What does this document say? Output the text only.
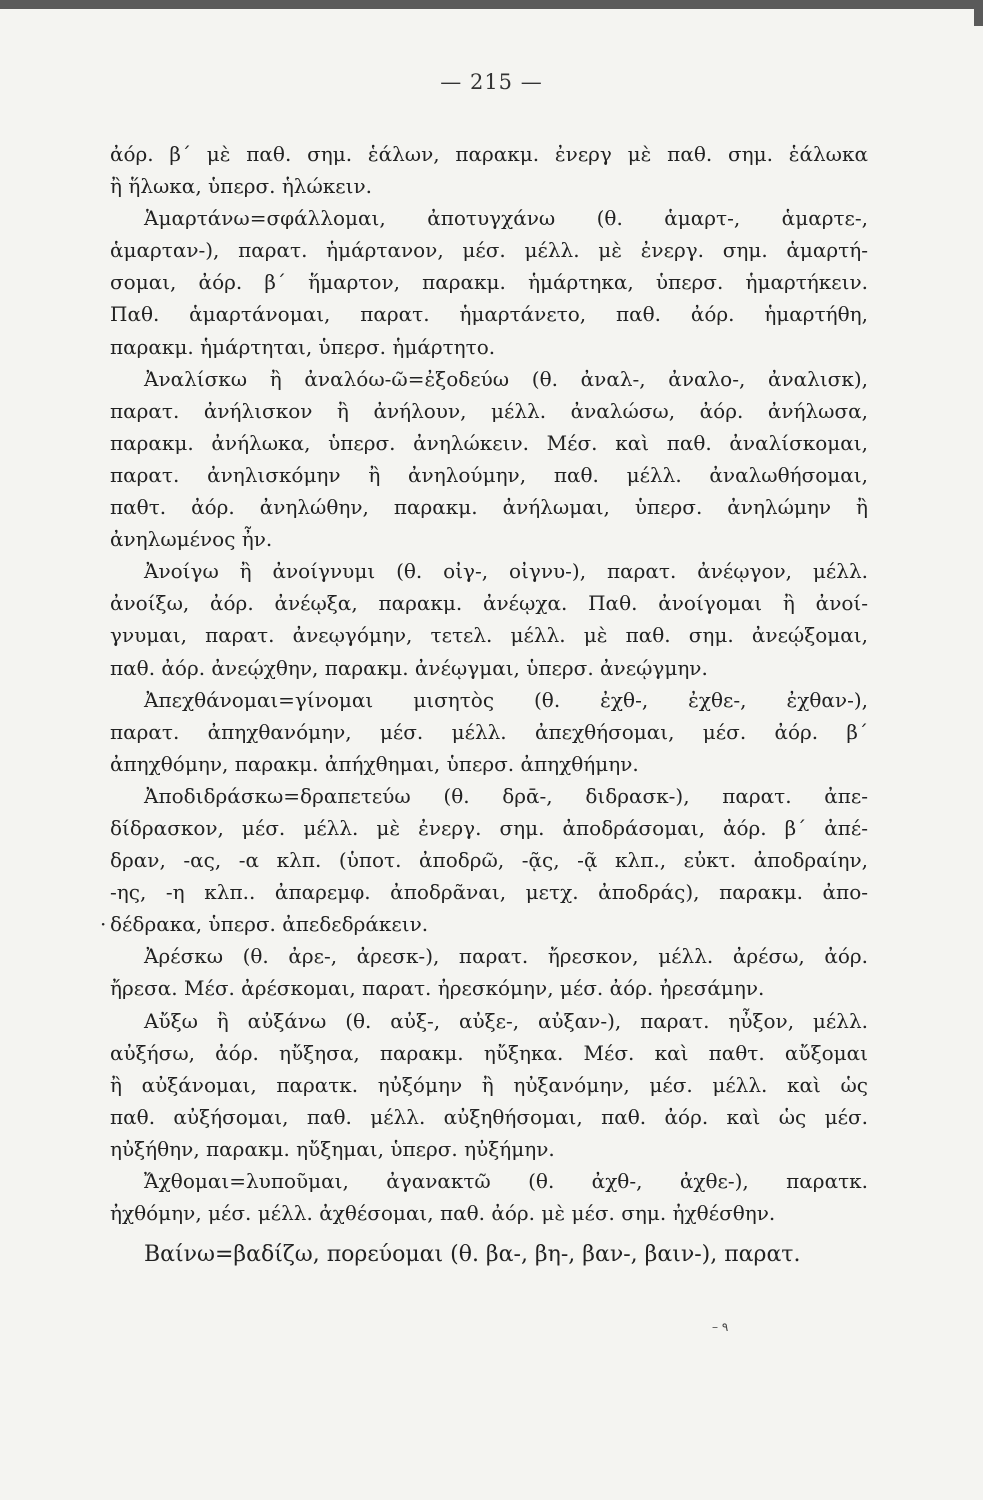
— 215 —
ἀόρ. β΄ μὲ παθ. σημ. ἑάλων, παρακμ. ἐνεργ μὲ παθ. σημ. ἑάλωκα
ἢ ἥλωκα, ὑπερσ. ἡλώκειν.
Ἁμαρτάνω=σφάλλομαι, ἀποτυγχάνω (θ. ἁμαρτ-, ἁμαρτε-,
ἁμαρταν-), παρατ. ἡμάρτανον, μέσ. μέλλ. μὲ ἐνεργ. σημ. ἁμαρτή-
σομαι, ἀόρ. β΄ ἥμαρτον, παρακμ. ἡμάρτηκα, ὑπερσ. ἡμαρτήκειν.
Παθ. ἁμαρτάνομαι, παρατ. ἡμαρτάνετο, παθ. ἀόρ. ἡμαρτήθη,
παρακμ. ἡμάρτηται, ὑπερσ. ἡμάρτητο.
Ἀναλίσκω ἢ ἀναλόω-ῶ=ἐξοδεύω (θ. ἀναλ-, ἀναλο-, ἀναλισκ),
παρατ. ἀνήλισκον ἢ ἀνήλουν, μέλλ. ἀναλώσω, ἀόρ. ἀνήλωσα,
παρακμ. ἀνήλωκα, ὑπερσ. ἀνηλώκειν. Μέσ. καὶ παθ. ἀναλίσκομαι,
παρατ. ἀνηλισκόμην ἢ ἀνηλούμην, παθ. μέλλ. ἀναλωθήσομαι,
παθτ. ἀόρ. ἀνηλώθην, παρακμ. ἀνήλωμαι, ὑπερσ. ἀνηλώμην ἢ
ἀνηλωμένος ἦν.
Ἀνοίγω ἢ ἀνοίγνυμι (θ. οἰγ-, οἰγνυ-), παρατ. ἀνέῳγον, μέλλ.
ἀνοίξω, ἀόρ. ἀνέῳξα, παρακμ. ἀνέῳχα. Παθ. ἀνοίγομαι ἢ ἀνοί-
γνυμαι, παρατ. ἀνεῳγόμην, τετελ. μέλλ. μὲ παθ. σημ. ἀνεῴξομαι,
παθ. ἀόρ. ἀνεῴχθην, παρακμ. ἀνέῳγμαι, ὑπερσ. ἀνεῴγμην.
Ἀπεχθάνομαι=γίνομαι μισητὸς (θ. ἐχθ-, ἐχθε-, ἐχθαν-),
παρατ. ἀπηχθανόμην, μέσ. μέλλ. ἀπεχθήσομαι, μέσ. ἀόρ. β΄
ἀπηχθόμην, παρακμ. ἀπήχθημαι, ὑπερσ. ἀπηχθήμην.
Ἀποδιδράσκω=δραπετεύω (θ. δρᾱ-, διδρασκ-), παρατ. ἀπε-
δίδρασκον, μέσ. μέλλ. μὲ ἐνεργ. σημ. ἀποδράσομαι, ἀόρ. β΄ ἀπέ-
δραν, -ας, -α κλπ. (ὑποτ. ἀποδρῶ, -ᾷς, -ᾷ κλπ., εὐκτ. ἀποδραίην,
-ης, -η κλπ.. ἀπαρεμφ. ἀποδρᾶναι, μετχ. ἀποδράς), παρακμ. ἀπο-
· δέδρακα, ὑπερσ. ἀπεδεδράκειν.
Ἀρέσκω (θ. ἀρε-, ἀρεσκ-), παρατ. ἤρεσκον, μέλλ. ἀρέσω, ἀόρ.
ἤρεσα. Μέσ. ἀρέσκομαι, παρατ. ἠρεσκόμην, μέσ. ἀόρ. ἠρεσάμην.
Αὔξω ἢ αὐξάνω (θ. αὐξ-, αὐξε-, αὐξαν-), παρατ. ηὖξον, μέλλ.
αὐξήσω, ἀόρ. ηὔξησα, παρακμ. ηὔξηκα. Μέσ. καὶ παθτ. αὔξομαι
ἢ αὐξάνομαι, παρατκ. ηὐξόμην ἢ ηὐξανόμην, μέσ. μέλλ. καὶ ὡς
παθ. αὐξήσομαι, παθ. μέλλ. αὐξηθήσομαι, παθ. ἀόρ. καὶ ὡς μέσ.
ηὐξήθην, παρακμ. ηὔξημαι, ὑπερσ. ηὐξήμην.
Ἄχθομαι=λυποῦμαι, ἀγανακτῶ (θ. ἀχθ-, ἀχθε-), παρατκ.
ἠχθόμην, μέσ. μέλλ. ἀχθέσομαι, παθ. ἀόρ. μὲ μέσ. σημ. ἠχθέσθην.
Βαίνω=βαδίζω, πορεύομαι (θ. βα-, βη-, βαν-, βαιν-), παρατ.
– ٩
